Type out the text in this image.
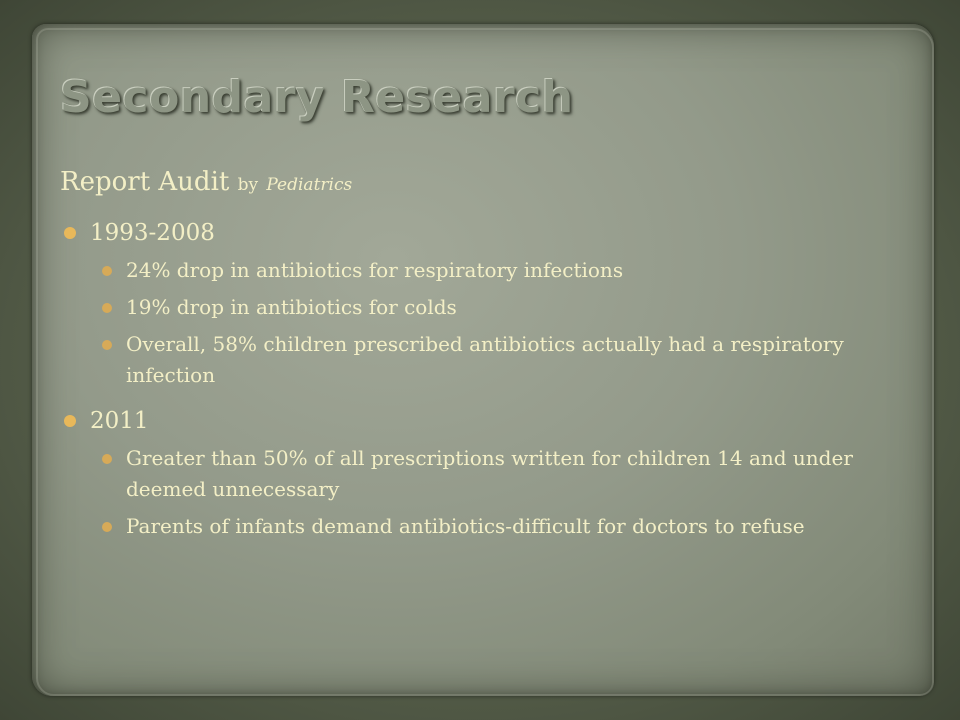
Secondary Research

Report Audit by Pediatrics

1993-2008
24% drop in antibiotics for respiratory infections
19% drop in antibiotics for colds
Overall, 58% children prescribed antibiotics actually had a respiratory infection
2011
Greater than 50% of all prescriptions written for children 14 and under deemed unnecessary
Parents of infants demand antibiotics-difficult for doctors to refuse
